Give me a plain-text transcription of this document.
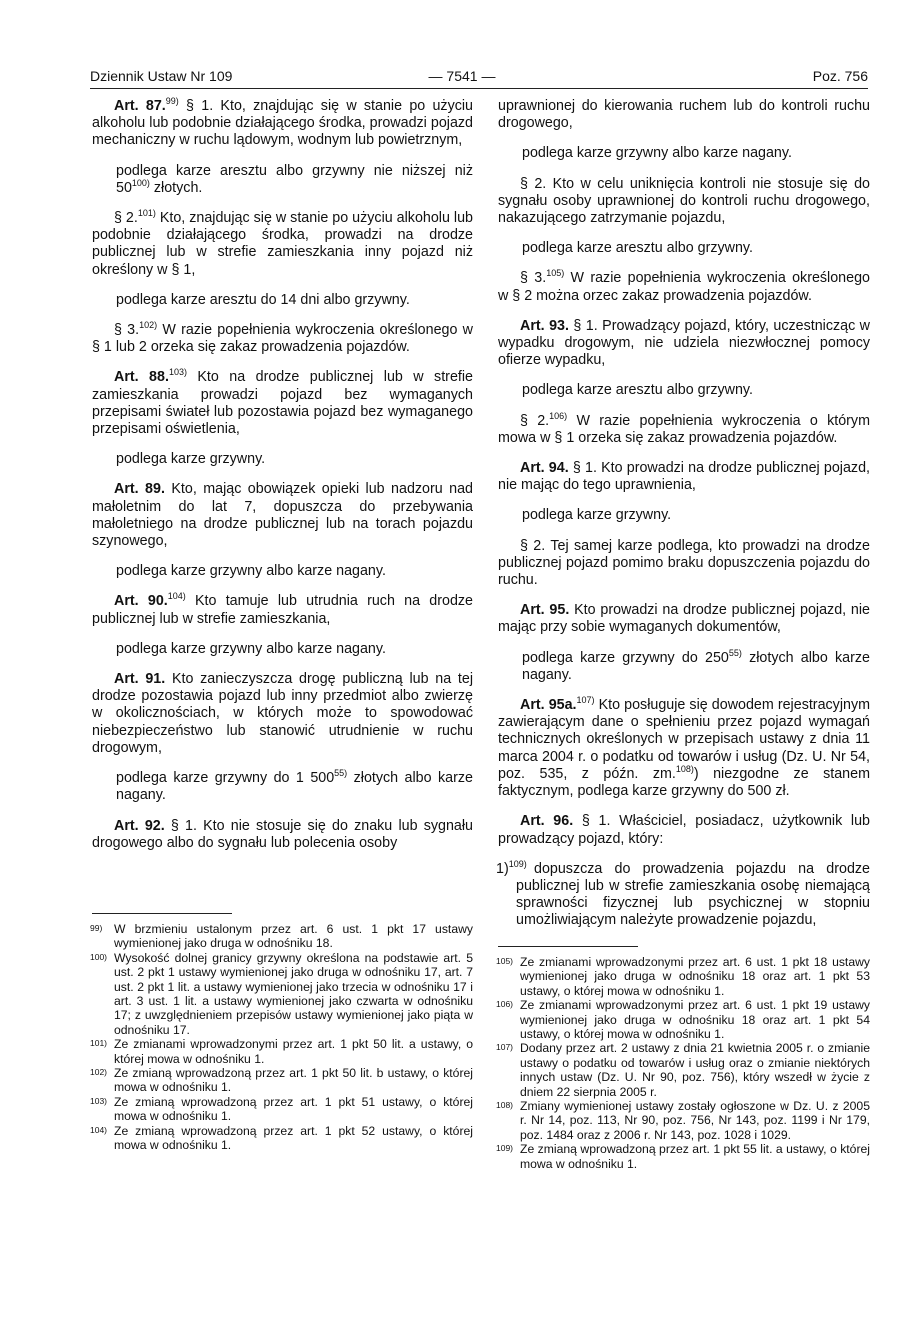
Dziennik Ustaw Nr 109	— 7541 —	Poz. 756

Art. 87.$^{99)}$ § 1. Kto, znajdując się w stanie po użyciu alkoholu lub podobnie działającego środka, prowadzi pojazd mechaniczny w ruchu lądowym, wodnym lub powietrznym,

podlega karze aresztu albo grzywny nie niższej niż 50$^{100)}$ złotych.

§ 2.$^{101)}$ Kto, znajdując się w stanie po użyciu alkoholu lub podobnie działającego środka, prowadzi na drodze publicznej lub w strefie zamieszkania inny pojazd niż określony w § 1,

podlega karze aresztu do 14 dni albo grzywny.

§ 3.$^{102)}$ W razie popełnienia wykroczenia określonego w § 1 lub 2 orzeka się zakaz prowadzenia pojazdów.

Art. 88.$^{103)}$ Kto na drodze publicznej lub w strefie zamieszkania prowadzi pojazd bez wymaganych przepisami świateł lub pozostawia pojazd bez wymaganego przepisami oświetlenia,

podlega karze grzywny.

Art. 89. Kto, mając obowiązek opieki lub nadzoru nad małoletnim do lat 7, dopuszcza do przebywania małoletniego na drodze publicznej lub na torach pojazdu szynowego,

podlega karze grzywny albo karze nagany.

Art. 90.$^{104)}$ Kto tamuje lub utrudnia ruch na drodze publicznej lub w strefie zamieszkania,

podlega karze grzywny albo karze nagany.

Art. 91. Kto zanieczyszcza drogę publiczną lub na tej drodze pozostawia pojazd lub inny przedmiot albo zwierzę w okolicznościach, w których może to spowodować niebezpieczeństwo lub stanowić utrudnienie w ruchu drogowym,

podlega karze grzywny do 1 500$^{55)}$ złotych albo karze nagany.

Art. 92. § 1. Kto nie stosuje się do znaku lub sygnału drogowego albo do sygnału lub polecenia osoby

uprawnionej do kierowania ruchem lub do kontroli ruchu drogowego,

podlega karze grzywny albo karze nagany.

§ 2. Kto w celu uniknięcia kontroli nie stosuje się do sygnału osoby uprawnionej do kontroli ruchu drogowego, nakazującego zatrzymanie pojazdu,

podlega karze aresztu albo grzywny.

§ 3.$^{105)}$ W razie popełnienia wykroczenia określonego w § 2 można orzec zakaz prowadzenia pojazdów.

Art. 93. § 1. Prowadzący pojazd, który, uczestnicząc w wypadku drogowym, nie udziela niezwłocznej pomocy ofierze wypadku,

podlega karze aresztu albo grzywny.

§ 2.$^{106)}$ W razie popełnienia wykroczenia o którym mowa w § 1 orzeka się zakaz prowadzenia pojazdów.

Art. 94. § 1. Kto prowadzi na drodze publicznej pojazd, nie mając do tego uprawnienia,

podlega karze grzywny.

§ 2. Tej samej karze podlega, kto prowadzi na drodze publicznej pojazd pomimo braku dopuszczenia pojazdu do ruchu.

Art. 95. Kto prowadzi na drodze publicznej pojazd, nie mając przy sobie wymaganych dokumentów,

podlega karze grzywny do 250$^{55)}$ złotych albo karze nagany.

Art. 95a.$^{107)}$ Kto posługuje się dowodem rejestracyjnym zawierającym dane o spełnieniu przez pojazd wymagań technicznych określonych w przepisach ustawy z dnia 11 marca 2004 r. o podatku od towarów i usług (Dz. U. Nr 54, poz. 535, z późn. zm.$^{108)}$) niezgodne ze stanem faktycznym, podlega karze grzywny do 500 zł.

Art. 96. § 1. Właściciel, posiadacz, użytkownik lub prowadzący pojazd, który:

1)$^{109)}$ dopuszcza do prowadzenia pojazdu na drodze publicznej lub w strefie zamieszkania osobę niemającą sprawności fizycznej lub psychicznej w stopniu umożliwiającym należyte prowadzenie pojazdu,
99) W brzmieniu ustalonym przez art. 6 ust. 1 pkt 17 ustawy wymienionej jako druga w odnośniku 18.
100) Wysokość dolnej granicy grzywny określona na podstawie art. 5 ust. 2 pkt 1 ustawy wymienionej jako druga w odnośniku 17, art. 7 ust. 2 pkt 1 lit. a ustawy wymienionej jako trzecia w odnośniku 17 i art. 3 ust. 1 lit. a ustawy wymienionej jako czwarta w odnośniku 17; z uwzględnieniem przepisów ustawy wymienionej jako piąta w odnośniku 17.
101) Ze zmianami wprowadzonymi przez art. 1 pkt 50 lit. a ustawy, o której mowa w odnośniku 1.
102) Ze zmianą wprowadzoną przez art. 1 pkt 50 lit. b ustawy, o której mowa w odnośniku 1.
103) Ze zmianą wprowadzoną przez art. 1 pkt 51 ustawy, o której mowa w odnośniku 1.
104) Ze zmianą wprowadzoną przez art. 1 pkt 52 ustawy, o której mowa w odnośniku 1.
105) Ze zmianami wprowadzonymi przez art. 6 ust. 1 pkt 18 ustawy wymienionej jako druga w odnośniku 18 oraz art. 1 pkt 53 ustawy, o której mowa w odnośniku 1.
106) Ze zmianami wprowadzonymi przez art. 6 ust. 1 pkt 19 ustawy wymienionej jako druga w odnośniku 18 oraz art. 1 pkt 54 ustawy, o której mowa w odnośniku 1.
107) Dodany przez art. 2 ustawy z dnia 21 kwietnia 2005 r. o zmianie ustawy o podatku od towarów i usług oraz o zmianie niektórych innych ustaw (Dz. U. Nr 90, poz. 756), który wszedł w życie z dniem 22 sierpnia 2005 r.
108) Zmiany wymienionej ustawy zostały ogłoszone w Dz. U. z 2005 r. Nr 14, poz. 113, Nr 90, poz. 756, Nr 143, poz. 1199 i Nr 179, poz. 1484 oraz z 2006 r. Nr 143, poz. 1028 i 1029.
109) Ze zmianą wprowadzoną przez art. 1 pkt 55 lit. a ustawy, o której mowa w odnośniku 1.
